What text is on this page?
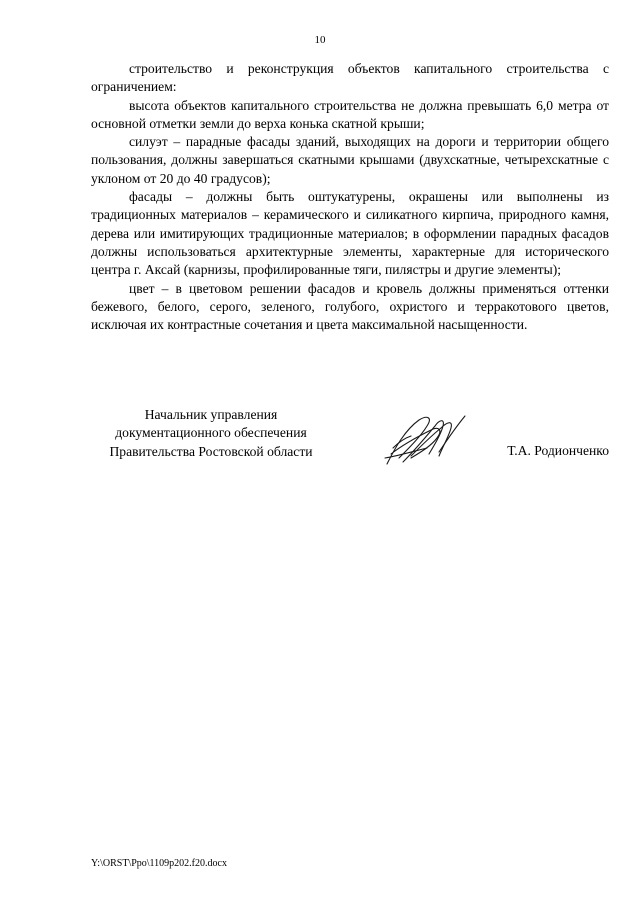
10

строительство и реконструкция объектов капитального строительства с ограничением:

высота объектов капитального строительства не должна превышать 6,0 метра от основной отметки земли до верха конька скатной крыши;

силуэт – парадные фасады зданий, выходящих на дороги и территории общего пользования, должны завершаться скатными крышами (двухскатные, четырехскатные с уклоном от 20 до 40 градусов);

фасады – должны быть оштукатурены, окрашены или выполнены из традиционных материалов – керамического и силикатного кирпича, природного камня, дерева или имитирующих традиционные материалов; в оформлении парадных фасадов должны использоваться архитектурные элементы, характерные для исторического центра г. Аксай (карнизы, профилированные тяги, пилястры и другие элементы);

цвет – в цветовом решении фасадов и кровель должны применяться оттенки бежевого, белого, серого, зеленого, голубого, охристого и терракотового цветов, исключая их контрастные сочетания и цвета максимальной насыщенности.

Начальник управления
документационного обеспечения
Правительства Ростовской области	Т.А. Родионченко
Y:\ORST\Ppo\1109p202.f20.docx
